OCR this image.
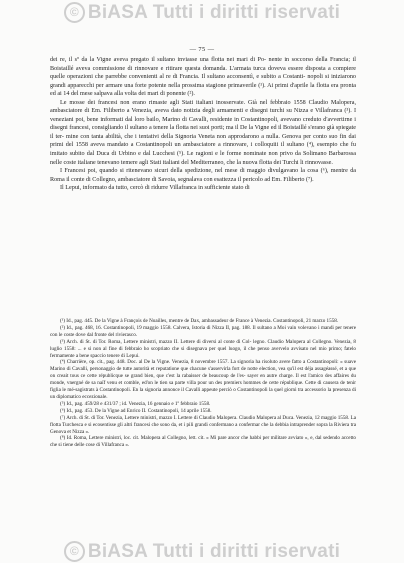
© BiASA Tutti i diritti riservati
— 75 —

dei re, il sº da la Vigne aveva pregato il sultano inviasse una flotta nei mari di Po- nente in soccorso della Francia; il Boistaillé aveva commissione di rinnovare e ritirare questa domanda. L'armata turca doveva essere disposta a compiere quelle operazioni che parrebbe convenienti al re di Francia. Il sultano acconsentì, e subito a Costanti- nopoli si iniziarono grandi apparecchi per armare una forte potente nella prossima stagione primaverile (¹). Ai primi d'aprile la flotta era pronta ed ai 14 del mese salpava alla volta dei mari di ponente (²).

Le mosse dei francesi non erano rimaste agli Stati italiani inosservate. Già nel febbraio 1558 Claudio Malopera, ambasciatore di Em. Filiberto a Venezia, aveva dato notizia degli armamenti e disegni turchi su Nizza e Villafranca (³). I veneziani poi, bene informati dal loro bailo, Marino di Cavalli, residente in Costantinopoli, avevano creduto d'avvertirne i disegni francesi, consigliando il sultano a tenere la flotta nei suoi porti; ma il De la Vigne ed il Boistaillé s'erano già spiegate il ter- mine con tanta abilità, che i tentativi della Signoria Veneta non approdarono a nulla. Genova per conto suo fin dai primi del 1558 aveva mandato a Costantinopoli un ambasciatore a rinnovare, i colloquiii il sultano (⁴), esempio che fu imitato subito dal Duca di Urbino e dal Lucchesi (⁵). Le ragioni e le forme nominate non privo da Solimano Barbarossa nelle coste italiane tenevano temere agli Stati italiani del Mediterraneo, che la nuova flotta dei Turchi li rinnovasse.

I Francesi poi, quando si ritenevano sicuri della spedizione, nel mese di maggio divulgavano la cosa (⁶), mentre da Roma il conte di Collegno, ambasciatore di Savoia, segnalava con esattezza il pericolo ad Em. Filiberto (⁷).

Il Lepui, informato da tutto, cercò di ridurre Villafranca in sufficiente stato di

(¹) Id., pag. 445. De la Vigne à François de Noailles, mentre de Dax, ambassadeur de France à Venezia. Costantinopoli, 21 marzo 1558.

(²) Id., pag. 468, 16. Costantinopoli, 19 maggio 1558. Calvera, Istoria di Nizza II, pag. 188. Il sultano a Moi vain volevano i mandi per tenere con le coste dove dal fronte del rivierasco.

(³) Arch. di St. di Tor. Roma, Lettere ministri, mazzo II. Lettere di diversi al conte di Col- legno. Claudio Malopera al Collegno. Venezia, 8 luglio 1558: ... e si non al fine di febbraio ho scopriato che si disegnava per quel luogo, il che penso avervelo avvisato nel mio primo; fatelo fermamente a bene spaccio tenere di Lepui.

(⁴) Charrière, op. cit., pag. 448. Doc. al De la Vigne. Venezia, 8 novembre 1557. La signoria ha risoluto avere fatto a Costantinopoli: « suave Marino di Cavalli, personaggio de tutte autorità et reputatione que chacune s'asservirla fort de notte election, vea qu'il est déja assagéassé, et a que on creait tous ce cette républicque se grand bien, que c'est la rabaisser de beaucoup de l'es- sayer en autre charge. Il est l'amico des affaires du monde, vnergné de sa naïf venu et comble, ed'on le tien sa parte villa pour un des premiers hommes de cette république. Cette di causera de tenir figlia le mé-sagistrats à Costantinopoli. En la signoria annonce il Cavalli appeute perciò o Costantinopoli la quel giorni tra accessorio la presenza di un diplomatico eccezionale.

(⁵) Id., pag. 459/28 e 431/37 ; id. Venezia, 16 gennaio e 1º febbraio 1558.

(⁶) Id., pag. 453. De la Vigne ad Enrico II. Costantinopoli, 14 aprile 1558.

(⁷) Arch. di St. di Tor. Venezia, Lettere ministri, mazzo I. Lettere di Claudio Malopera. Claudio Malopera al Duca. Venezia, 12 maggio 1558. La flotta Turchesca e si ecosentisse gli altri francesi che sono da, et i pili grandi confermano a confermar che la debbia intraprender sopra la Riviera tra Genova et Nizza ».

(⁸) Id. Roma, Lettere ministri, loc. cit. Malopera al Collegno, lett. cit. « Mi pare ancor che habbi per militare avviato », e, dal sedendo accetto che si tiene delle cose di Villafranca ».

© BiASA Tutti i diritti riservati
